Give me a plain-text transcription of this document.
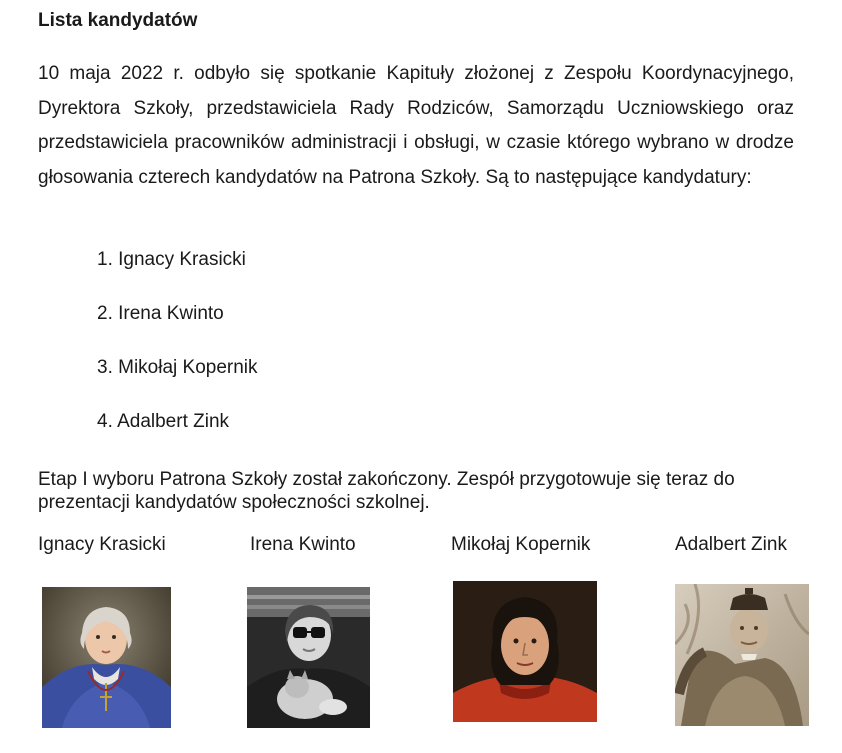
Lista kandydatów

10 maja 2022 r. odbyło się spotkanie Kapituły złożonej z Zespołu Koordynacyjnego, Dyrektora Szkoły, przedstawiciela Rady Rodziców, Samorządu Uczniowskiego oraz przedstawiciela pracowników administracji i obsługi, w czasie którego wybrano w drodze głosowania czterech kandydatów na Patrona Szkoły. Są to następujące kandydatury:

1. Ignacy Krasicki
2. Irena Kwinto
3. Mikołaj Kopernik
4. Adalbert Zink

Etap I wyboru Patrona Szkoły został zakończony. Zespół przygotowuje się teraz do prezentacji kandydatów społeczności szkolnej.

Ignacy Krasicki	Irena Kwinto	Mikołaj Kopernik	Adalbert Zink
